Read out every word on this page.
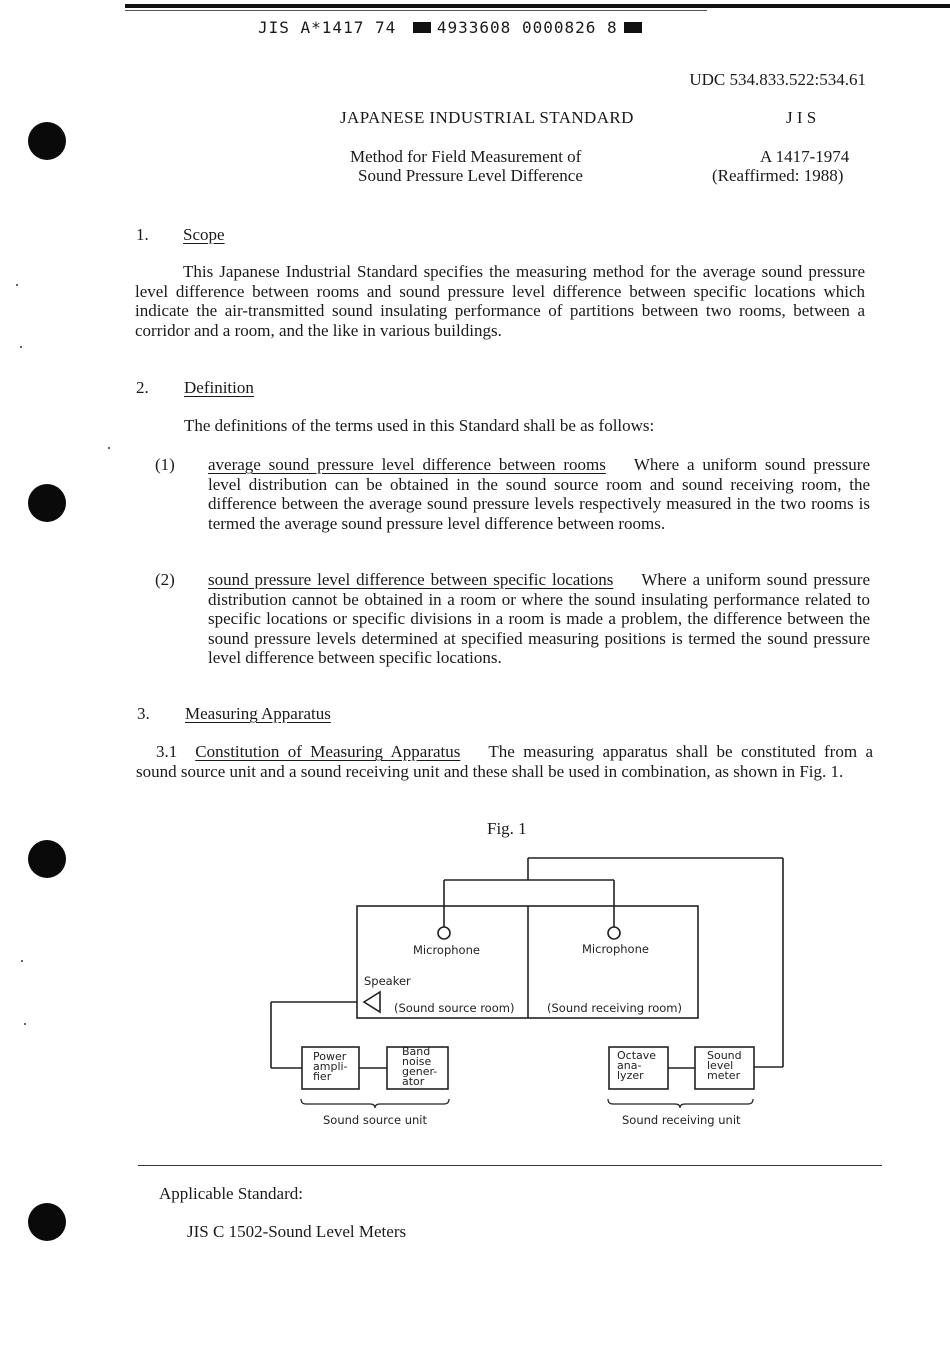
JIS A*1417 74	4933608 0000826 8
UDC 534.833.522:534.61
JAPANESE INDUSTRIAL STANDARD	J I S
Method for Field Measurement of
Sound Pressure Level Difference
A 1417-1974
(Reaffirmed: 1988)
1. Scope
This Japanese Industrial Standard specifies the measuring method for the average sound pressure level difference between rooms and sound pressure level difference between specific locations which indicate the air-transmitted sound insulating performance of partitions between two rooms, between a corridor and a room, and the like in various buildings.
2. Definition
The definitions of the terms used in this Standard shall be as follows:
(1) average sound pressure level difference between rooms Where a uniform sound pressure level distribution can be obtained in the sound source room and sound receiving room, the difference between the average sound pressure levels respectively measured in the two rooms is termed the average sound pressure level difference between rooms.
(2) sound pressure level difference between specific locations Where a uniform sound pressure distribution cannot be obtained in a room or where the sound insulating performance related to specific locations or specific divisions in a room is made a problem, the difference between the sound pressure levels determined at specified measuring positions is termed the sound pressure level difference between specific locations.
3. Measuring Apparatus
3.1 Constitution of Measuring Apparatus The measuring apparatus shall be constituted from a sound source unit and a sound receiving unit and these shall be used in combination, as shown in Fig. 1.
Fig. 1
Microphone	Microphone
Speaker
(Sound source room)	(Sound receiving room)
Power
ampli-
fier
Band
noise
gener-
ator
Octave
ana-
lyzer
Sound
level
meter
Sound source unit	Sound receiving unit
Applicable Standard:
JIS C 1502-Sound Level Meters
